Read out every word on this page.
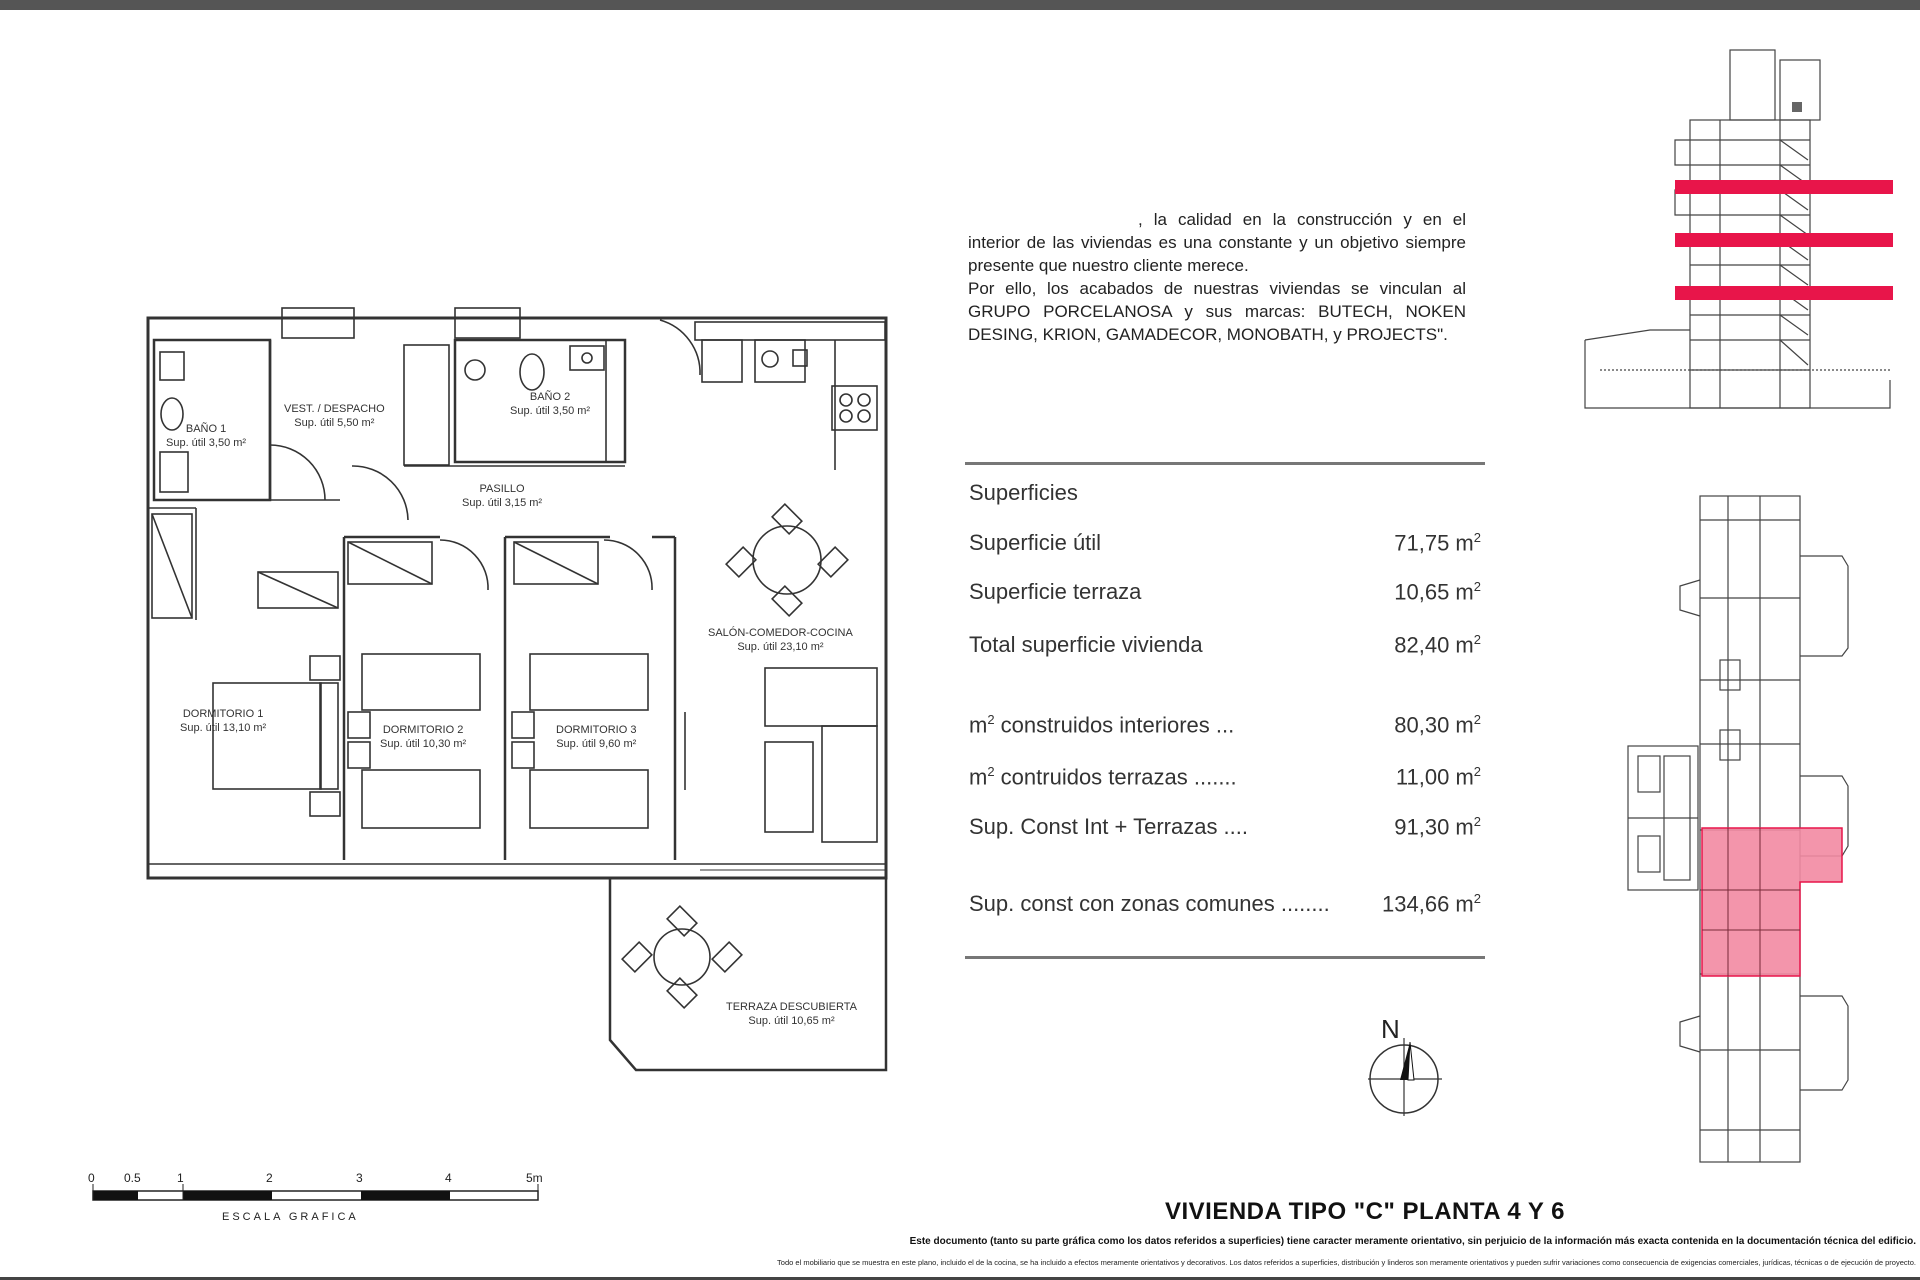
BAÑO 1
Sup. útil 3,50 m²
VEST. / DESPACHO
Sup. útil 5,50 m²
BAÑO 2
Sup. útil 3,50 m²
PASILLO
Sup. útil 3,15 m²
SALÓN-COMEDOR-COCINA
Sup. útil 23,10 m²
DORMITORIO 1
Sup. útil 13,10 m²	DORMITORIO 2
Sup. útil 10,30 m²
DORMITORIO 3
Sup. útil 9,60 m²
TERRAZA DESCUBIERTA
Sup. útil 10,65 m²
0 0.5	1	2	3	4	5m
ESCALA GRAFICA

, la calidad en la construcción y en el interior de las viviendas es una constante y un objetivo siempre presente que nuestro cliente merece.

Por ello, los acabados de nuestras viviendas se vinculan al GRUPO PORCELANOSA y sus marcas: BUTECH, NOKEN DESING, KRION, GAMADECOR, MONOBATH, y PROJECTS".

Superficies
Superficie útil	71,75 $m^2$
Superficie terraza	10,65 $m^2$
Total superficie vivienda	82,40 $m^2$
$m^2$ construidos interiores ...	80,30 $m^2$
$m^2$ contruidos terrazas .......	11,00 $m^2$
Sup. Const Int + Terrazas ....	91,30 $m^2$
Sup. const con zonas comunes ........ 134,66 $m^2$
N
VIVIENDA TIPO "C" PLANTA 4 Y 6
Este documento (tanto su parte gráfica como los datos referidos a superficies) tiene caracter meramente orientativo, sin perjuicio de la información más exacta contenida en la documentación técnica del edificio.
Todo el mobiliario que se muestra en este plano, incluido el de la cocina, se ha incluido a efectos meramente orientativos y decorativos. Los datos referidos a superficies, distribución y linderos son meramente orientativos y pueden sufrir variaciones como consecuencia de exigencias comerciales, jurídicas, técnicas o de ejecución de proyecto.
